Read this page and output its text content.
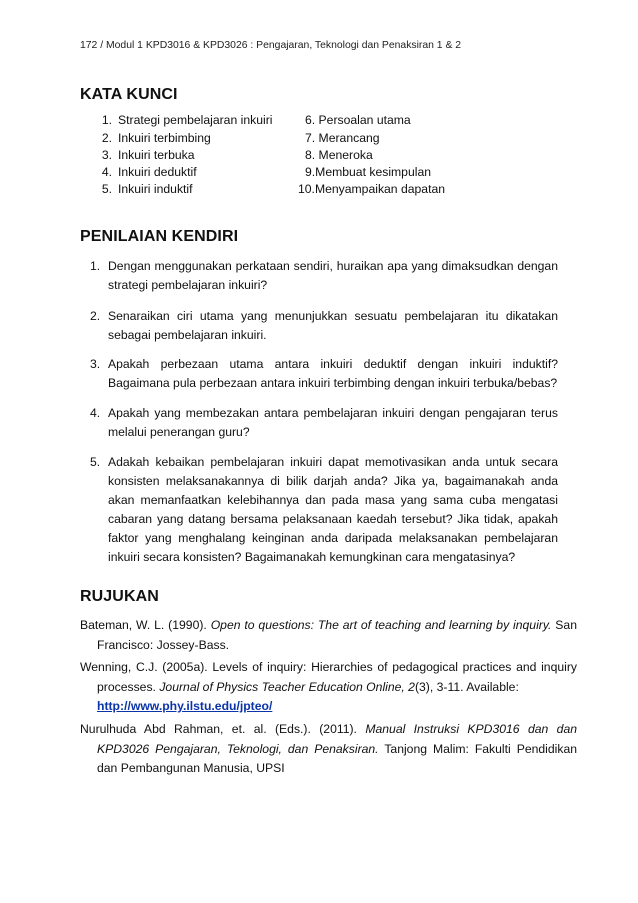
172 / Modul 1 KPD3016 & KPD3026 : Pengajaran, Teknologi dan Penaksiran 1 & 2
KATA KUNCI
1. Strategi pembelajaran inkuiri
2. Inkuiri terbimbing
3. Inkuiri terbuka
4. Inkuiri deduktif
5. Inkuiri induktif
6. Persoalan utama
7. Merancang
8. Meneroka
9.Membuat kesimpulan
10.Menyampaikan dapatan
PENILAIAN KENDIRI
1. Dengan menggunakan perkataan sendiri, huraikan apa yang dimaksudkan dengan strategi pembelajaran inkuiri?
2. Senaraikan ciri utama yang menunjukkan sesuatu pembelajaran itu dikatakan sebagai pembelajaran inkuiri.
3. Apakah perbezaan utama antara inkuiri deduktif dengan inkuiri induktif? Bagaimana pula perbezaan antara inkuiri terbimbing dengan inkuiri terbuka/bebas?
4. Apakah yang membezakan antara pembelajaran inkuiri dengan pengajaran terus melalui penerangan guru?
5. Adakah kebaikan pembelajaran inkuiri dapat memotivasikan anda untuk secara konsisten melaksanakannya di bilik darjah anda? Jika ya, bagaimanakah anda akan memanfaatkan kelebihannya dan pada masa yang sama cuba mengatasi cabaran yang datang bersama pelaksanaan kaedah tersebut? Jika tidak, apakah faktor yang menghalang keinginan anda daripada melaksanakan pembelajaran inkuiri secara konsisten? Bagaimanakah kemungkinan cara mengatasinya?
RUJUKAN
Bateman, W. L. (1990). Open to questions: The art of teaching and learning by inquiry. San Francisco: Jossey-Bass.
Wenning, C.J. (2005a). Levels of inquiry: Hierarchies of pedagogical practices and inquiry processes. Journal of Physics Teacher Education Online, 2(3), 3-11. Available:
http://www.phy.ilstu.edu/jpteo/
Nurulhuda Abd Rahman, et. al. (Eds.). (2011). Manual Instruksi KPD3016 dan dan KPD3026 Pengajaran, Teknologi, dan Penaksiran. Tanjong Malim: Fakulti Pendidikan dan Pembangunan Manusia, UPSI
